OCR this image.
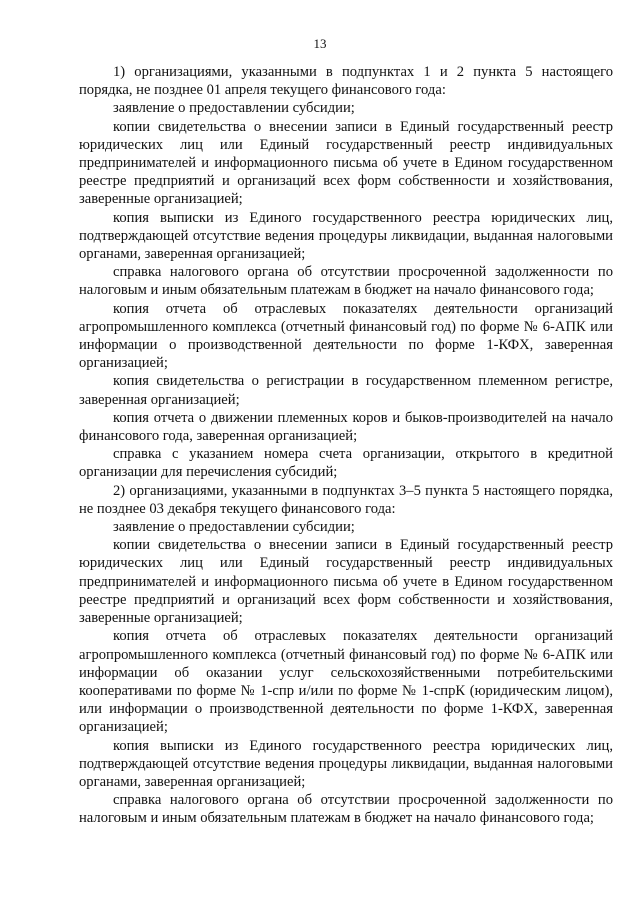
13

1) организациями, указанными в подпунктах 1 и 2 пункта 5 настоящего порядка, не позднее 01 апреля текущего финансового года:

заявление о предоставлении субсидии;

копии свидетельства о внесении записи в Единый государственный реестр юридических лиц или Единый государственный реестр индивидуальных предпринимателей и информационного письма об учете в Едином государственном реестре предприятий и организаций всех форм собственности и хозяйствования, заверенные организацией;

копия выписки из Единого государственного реестра юридических лиц, подтверждающей отсутствие ведения процедуры ликвидации, выданная налоговыми органами, заверенная организацией;

справка налогового органа об отсутствии просроченной задолженности по налоговым и иным обязательным платежам в бюджет на начало финансового года;

копия отчета об отраслевых показателях деятельности организаций агропромышленного комплекса (отчетный финансовый год) по форме № 6-АПК или информации о производственной деятельности по форме 1-КФХ, заверенная организацией;

копия свидетельства о регистрации в государственном племенном регистре, заверенная организацией;

копия отчета о движении племенных коров и быков-производителей на начало финансового года, заверенная организацией;

справка с указанием номера счета организации, открытого в кредитной организации для перечисления субсидий;

2) организациями, указанными в подпунктах 3–5 пункта 5 настоящего порядка, не позднее 03 декабря текущего финансового года:

заявление о предоставлении субсидии;

копии свидетельства о внесении записи в Единый государственный реестр юридических лиц или Единый государственный реестр индивидуальных предпринимателей и информационного письма об учете в Едином государственном реестре предприятий и организаций всех форм собственности и хозяйствования, заверенные организацией;

копия отчета об отраслевых показателях деятельности организаций агропромышленного комплекса (отчетный финансовый год) по форме № 6-АПК или информации об оказании услуг сельскохозяйственными потребительскими кооперативами по форме № 1-спр и/или по форме № 1-спрК (юридическим лицом), или информации о производственной деятельности по форме 1-КФХ, заверенная организацией;

копия выписки из Единого государственного реестра юридических лиц, подтверждающей отсутствие ведения процедуры ликвидации, выданная налоговыми органами, заверенная организацией;

справка налогового органа об отсутствии просроченной задолженности по налоговым и иным обязательным платежам в бюджет на начало финансового года;
